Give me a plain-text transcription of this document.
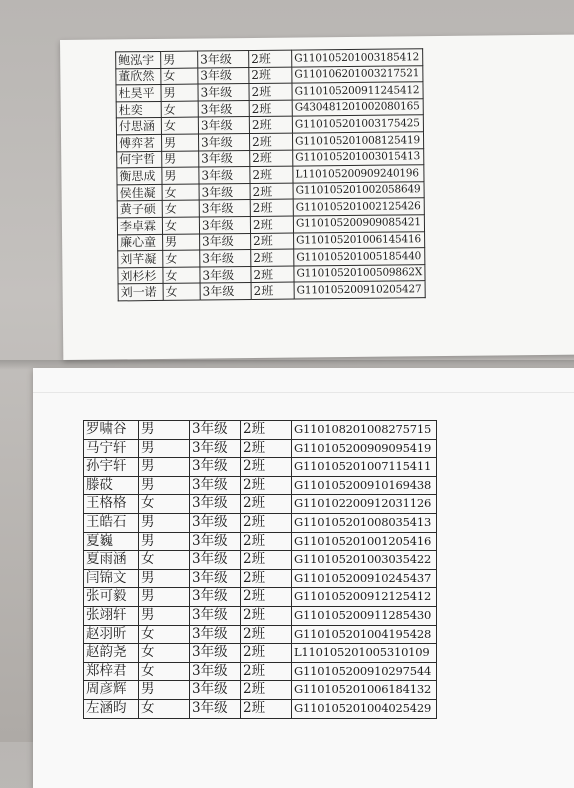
鲍泓宇	男	3年级	2班	G110105201003185412
董欣然	女	3年级	2班	G110106201003217521
杜昊平	男	3年级	2班	G110105200911245412
杜奕	女	3年级	2班	G430481201002080165
付思涵	女	3年级	2班	G110105201003175425
傅弈茗	男	3年级	2班	G110105201008125419
何宇哲	男	3年级	2班	G110105201003015413
衡思成	男	3年级	2班	L110105200909240196
侯佳凝	女	3年级	2班	G110105201002058649
黄子硕	女	3年级	2班	G110105201002125426
李卓霖	女	3年级	2班	G110105200909085421
廉心童	男	3年级	2班	G110105201006145416
刘芊凝	女	3年级	2班	G110105201005185440
刘杉杉	女	3年级	2班	G11010520100509862X
刘一诺	女	3年级	2班	G110105200910205427
罗啸谷	男	3年级	2班	G110108201008275715
马宁轩	男	3年级	2班	G110105200909095419
孙宇轩	男	3年级	2班	G110105201007115411
滕砹	男	3年级	2班	G110105200910169438
王格格	女	3年级	2班	G110102200912031126
王皓石	男	3年级	2班	G110105201008035413
夏巍	男	3年级	2班	G110105201001205416
夏雨涵	女	3年级	2班	G110105201003035422
闫锦文	男	3年级	2班	G110105200910245437
张可毅	男	3年级	2班	G110105200912125412
张翊轩	男	3年级	2班	G110105200911285430
赵羽昕	女	3年级	2班	G110105201004195428
赵韵尧	女	3年级	2班	L110105201005310109
郑梓君	女	3年级	2班	G110105200910297544
周彦辉	男	3年级	2班	G110105201006184132
左涵昀	女	3年级	2班	G110105201004025429
